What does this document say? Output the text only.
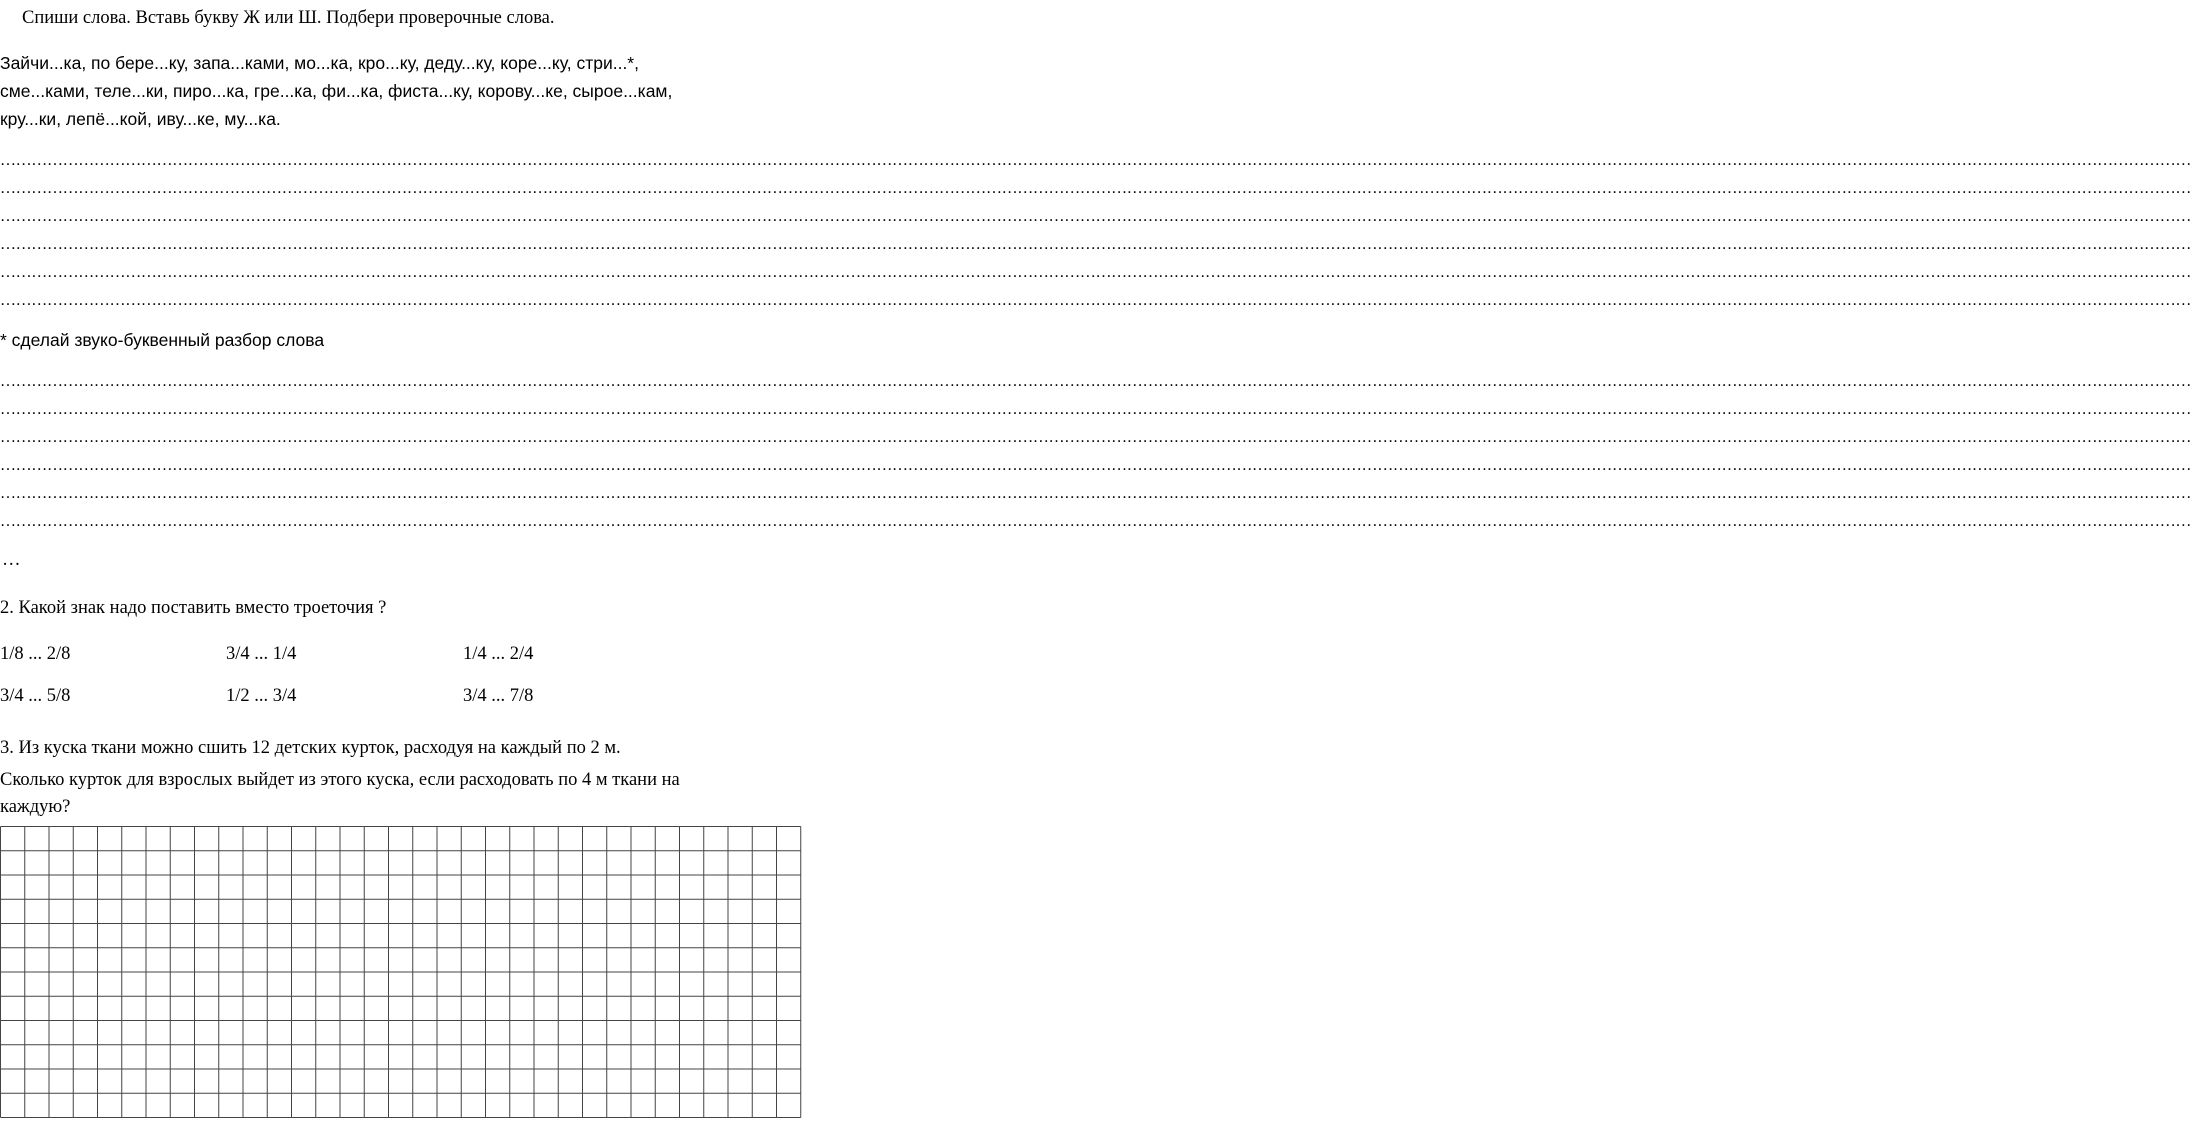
Спиши слова. Вставь букву Ж или Ш. Подбери проверочные слова.
Зайчи...ка, по бере...ку, запа...ками, мо...ка, кро...ку, деду...ку, коре...ку, стри...*,
сме...ками, теле...ки, пиро...ка, гре...ка, фи...ка, фиста...ку, корову...ке, сырое...кам,
кру...ки, лепё...кой, иву...ке, му...ка.
……………………………………………………………………………………………………………………………………………………………………………………………………………………………………………………………………………………………………………………………………………………………………………………
……………………………………………………………………………………………………………………………………………………………………………………………………………………………………………………………………………………………………………………………………………………………………………………
……………………………………………………………………………………………………………………………………………………………………………………………………………………………………………………………………………………………………………………………………………………………………………………
……………………………………………………………………………………………………………………………………………………………………………………………………………………………………………………………………………………………………………………………………………………………………………………
……………………………………………………………………………………………………………………………………………………………………………………………………………………………………………………………………………………………………………………………………………………………………………………
……………………………………………………………………………………………………………………………………………………………………………………………………………………………………………………………………………………………………………………………………………………………………………………
* сделай звуко-буквенный разбор слова
……………………………………………………………………………………………………………………………………………………………………………………………………………………………………………………………………………………………………………………………………………………………………………………
……………………………………………………………………………………………………………………………………………………………………………………………………………………………………………………………………………………………………………………………………………………………………………………
……………………………………………………………………………………………………………………………………………………………………………………………………………………………………………………………………………………………………………………………………………………………………………………
……………………………………………………………………………………………………………………………………………………………………………………………………………………………………………………………………………………………………………………………………………………………………………………
……………………………………………………………………………………………………………………………………………………………………………………………………………………………………………………………………………………………………………………………………………………………………………………
……………………………………………………………………………………………………………………………………………………………………………………………………………………………………………………………………………………………………………………………………………………………………………………
…
2. Какой знак надо поставить вместо троеточия ?
1/8 ... 2/8	3/4 ... 1/4	1/4 ... 2/4
3/4 ... 5/8	1/2 ... 3/4	3/4 ... 7/8
3. Из куска ткани можно сшить 12 детских курток, расходуя на каждый по 2 м.
Сколько курток для взрослых выйдет из этого куска, если расходовать по 4 м ткани на
каждую?
